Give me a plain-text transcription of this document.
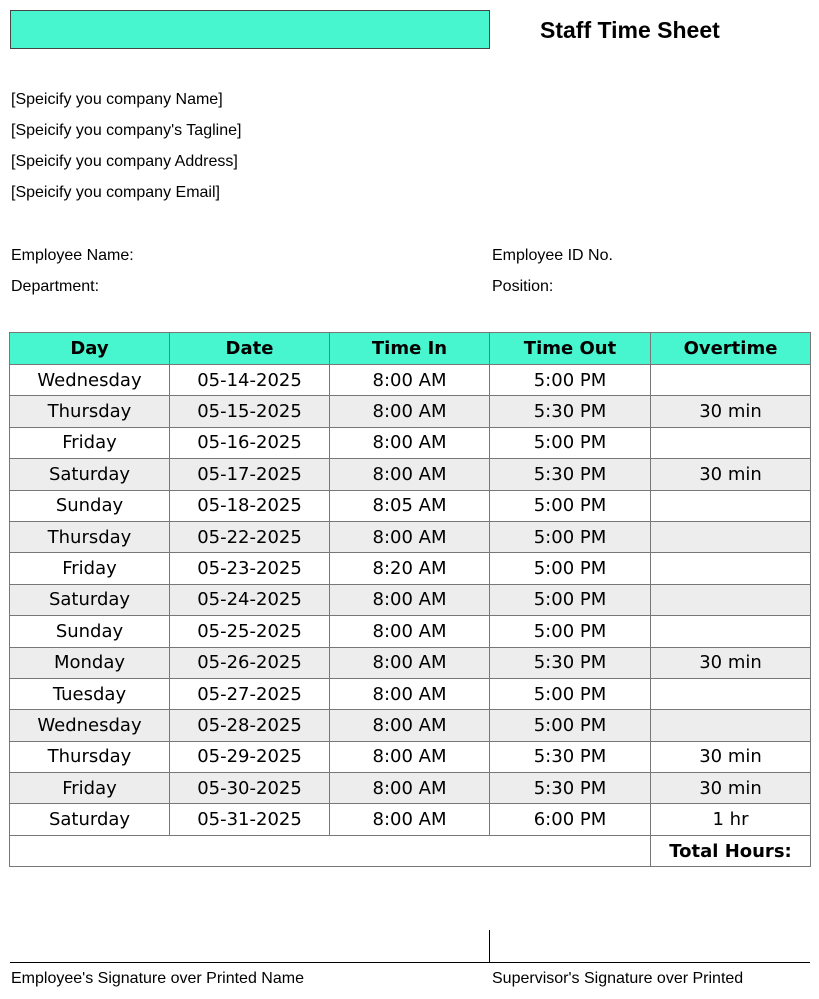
Staff Time Sheet
[Speicify you company Name]
[Speicify you company's Tagline]
[Speicify you company Address]
[Speicify you company Email]
Employee Name:
Department:
Employee ID No.
Position:
Day	Date	Time In	Time Out	Overtime
Wednesday	05-14-2025	8:00 AM	5:00 PM	
Thursday	05-15-2025	8:00 AM	5:30 PM	30 min
Friday	05-16-2025	8:00 AM	5:00 PM	
Saturday	05-17-2025	8:00 AM	5:30 PM	30 min
Sunday	05-18-2025	8:05 AM	5:00 PM	
Thursday	05-22-2025	8:00 AM	5:00 PM	
Friday	05-23-2025	8:20 AM	5:00 PM	
Saturday	05-24-2025	8:00 AM	5:00 PM	
Sunday	05-25-2025	8:00 AM	5:00 PM	
Monday	05-26-2025	8:00 AM	5:30 PM	30 min
Tuesday	05-27-2025	8:00 AM	5:00 PM	
Wednesday	05-28-2025	8:00 AM	5:00 PM	
Thursday	05-29-2025	8:00 AM	5:30 PM	30 min
Friday	05-30-2025	8:00 AM	5:30 PM	30 min
Saturday	05-31-2025	8:00 AM	6:00 PM	1 hr
				Total Hours:
Employee's Signature over Printed Name	Supervisor's Signature over Printed
